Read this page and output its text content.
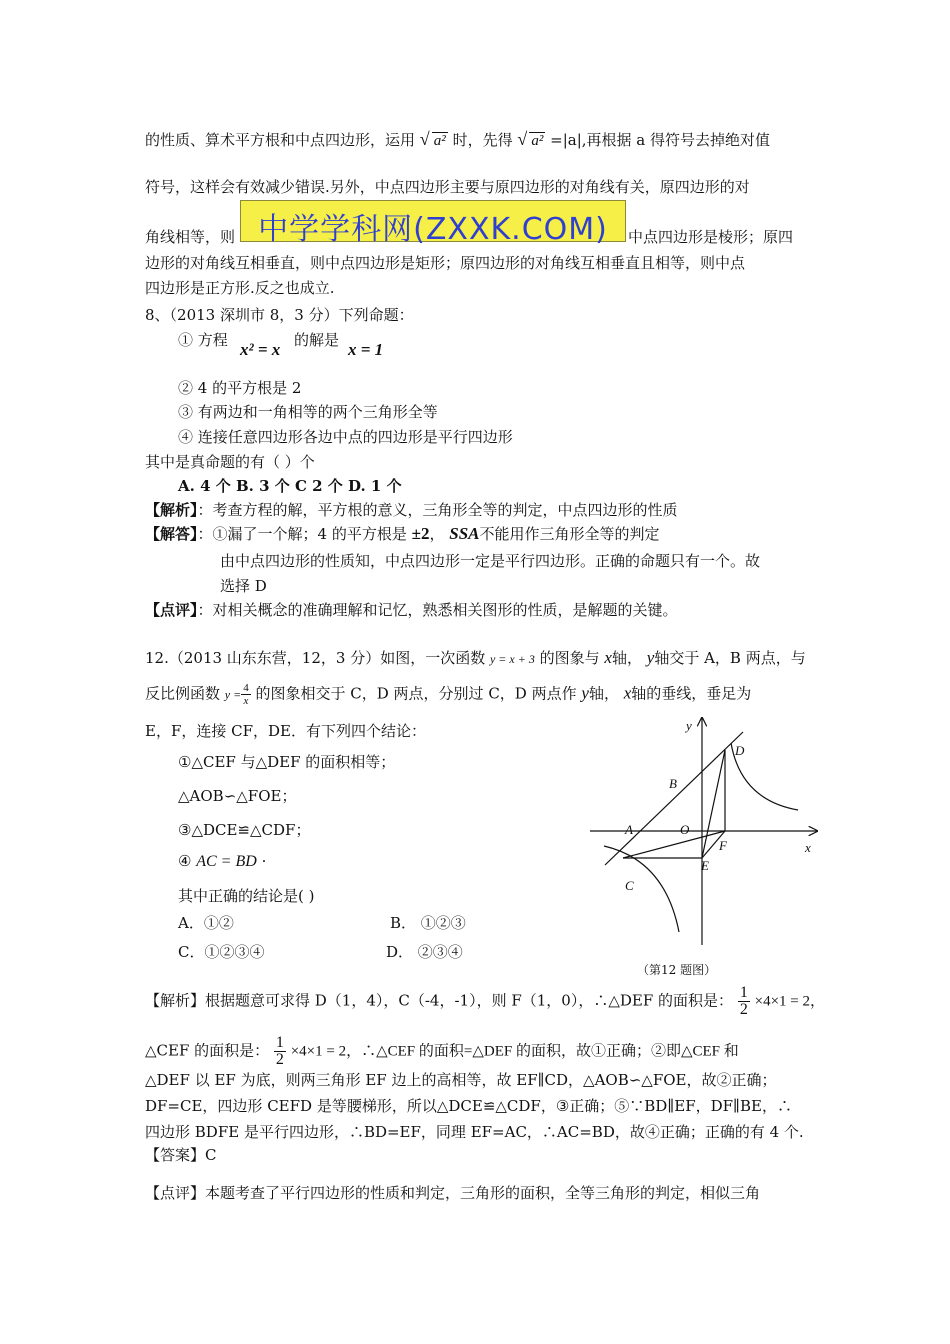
的性质、算术平方根和中点四边形，运用 √ a² 时，先得 √ a² =|a|,再根据 a 得符号去掉绝对值
符号，这样会有效减少错误.另外，中点四边形主要与原四边形的对角线有关，原四边形的对
角线相等，则 中学学科网(ZXXK.COM)	中点四边形是棱形；原四
边形的对角线互相垂直，则中点四边形是矩形；原四边形的对角线互相垂直且相等，则中点
四边形是正方形.反之也成立.
8、（2013 深圳市 8，3 分）下列命题：
① 方程 x² = x 的解是 x = 1
② 4 的平方根是 2
③ 有两边和一角相等的两个三角形全等
④ 连接任意四边形各边中点的四边形是平行四边形
其中是真命题的有（ ）个
A. 4 个 B. 3 个 C 2 个 D. 1 个
【解析】：考查方程的解，平方根的意义，三角形全等的判定，中点四边形的性质
【解答】：①漏了一个解；4 的平方根是 ±2， SSA不能用作三角形全等的判定
由中点四边形的性质知，中点四边形一定是平行四边形。正确的命题只有一个。故
选择 D
【点评】：对相关概念的准确理解和记忆，熟悉相关图形的性质，是解题的关键。
12.（2013 山东东营，12，3 分）如图，一次函数 y = x + 3 的图象与 x轴， y轴交于 A，B 两点，与
反比例函数 $y = \frac{4}{x}$ 的图象相交于 C，D 两点，分别过 C，D 两点作 y轴， x轴的垂线，垂足为
E，F，连接 CF，DE．有下列四个结论：
①△CEF 与△DEF 的面积相等；
△AOB∽△FOE；
③△DCE≌△CDF；
④ AC = BD ·
其中正确的结论是( )
A．①②	B． ①②③
C．①②③④	D． ②③④
x
y
D
B
A	O
F
E
C
（第12 题图）
【解析】根据题意可求得 D（1，4），C（-4，-1），则 F（1，0），∴△DEF 的面积是： $\frac{1}{2} \times 4\times 1 = 2$，
△CEF 的面积是： $\frac{1}{2} \times 4\times 1 = 2$，∴△CEF 的面积=△DEF 的面积，故①正确；②即△CEF 和
△DEF 以 EF 为底，则两三角形 EF 边上的高相等，故 EF∥CD，△AOB∽△FOE，故②正确；
DF=CE，四边形 CEFD 是等腰梯形，所以△DCE≌△CDF，③正确；⑤∵BD∥EF，DF∥BE，∴
四边形 BDFE 是平行四边形，∴BD=EF，同理 EF=AC，∴AC=BD，故④正确；正确的有 4 个.
【答案】C
【点评】本题考查了平行四边形的性质和判定，三角形的面积，全等三角形的判定，相似三角
